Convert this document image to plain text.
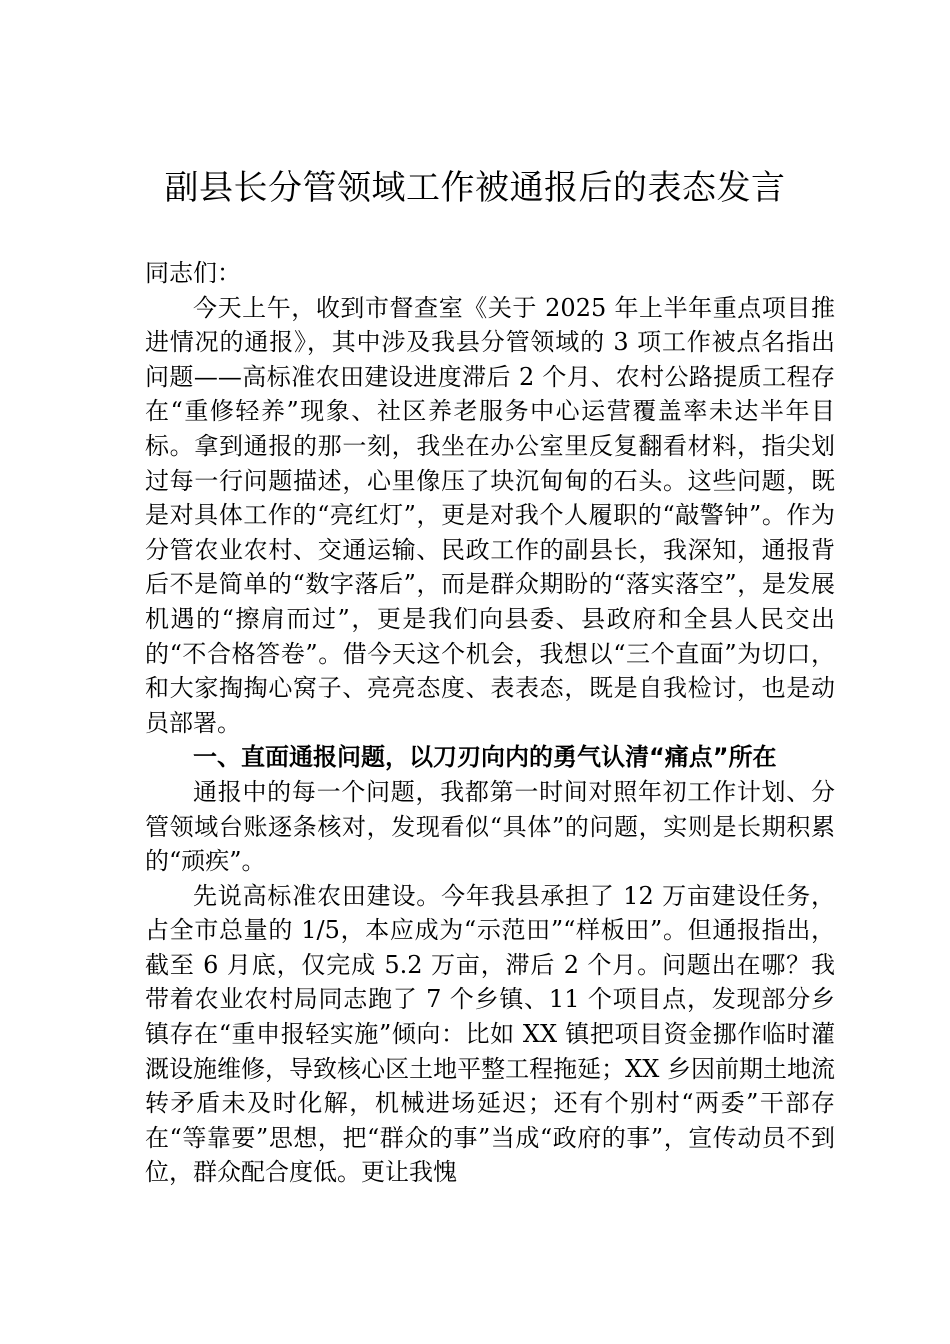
副县长分管领域工作被通报后的表态发言

同志们：

今天上午，收到市督查室《关于 2025 年上半年重点项目推进情况的通报》，其中涉及我县分管领域的 3 项工作被点名指出问题——高标准农田建设进度滞后 2 个月、农村公路提质工程存在“重修轻养”现象、社区养老服务中心运营覆盖率未达半年目标。拿到通报的那一刻，我坐在办公室里反复翻看材料，指尖划过每一行问题描述，心里像压了块沉甸甸的石头。这些问题，既是对具体工作的“亮红灯”，更是对我个人履职的“敲警钟”。作为分管农业农村、交通运输、民政工作的副县长，我深知，通报背后不是简单的“数字落后”，而是群众期盼的“落实落空”，是发展机遇的“擦肩而过”，更是我们向县委、县政府和全县人民交出的“不合格答卷”。借今天这个机会，我想以“三个直面”为切口，和大家掏掏心窝子、亮亮态度、表表态，既是自我检讨，也是动员部署。

一、直面通报问题，以刀刃向内的勇气认清“痛点”所在

通报中的每一个问题，我都第一时间对照年初工作计划、分管领域台账逐条核对，发现看似“具体”的问题，实则是长期积累的“顽疾”。

先说高标准农田建设。今年我县承担了 12 万亩建设任务，占全市总量的 1/5，本应成为“示范田”“样板田”。但通报指出，截至 6 月底，仅完成 5.2 万亩，滞后 2 个月。问题出在哪？我带着农业农村局同志跑了 7 个乡镇、11 个项目点，发现部分乡镇存在“重申报轻实施”倾向：比如 XX 镇把项目资金挪作临时灌溉设施维修，导致核心区土地平整工程拖延；XX 乡因前期土地流转矛盾未及时化解，机械进场延迟；还有个别村“两委”干部存在“等靠要”思想，把“群众的事”当成“政府的事”，宣传动员不到位，群众配合度低。更让我愧
